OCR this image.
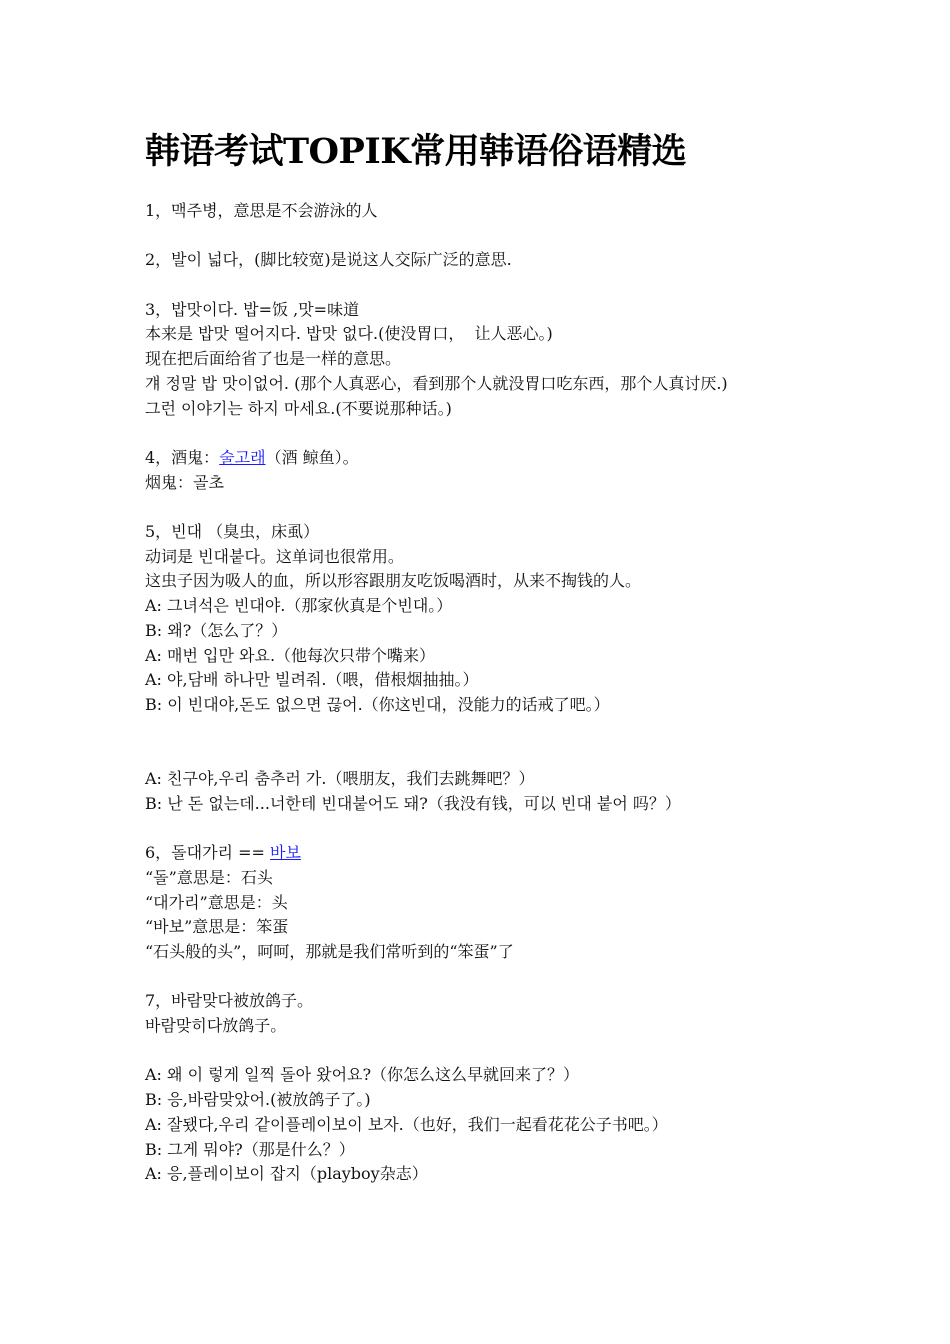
韩语考试TOPIK常用韩语俗语精选
1，맥주병，意思是不会游泳的人
2，발이 넓다，(脚比较宽)是说这人交际广泛的意思.
3，밥맛이다. 밥=饭 ,맛=味道
本来是 밥맛 떨어지다. 밥맛 없다.(使没胃口，  让人恶心。)
现在把后面给省了也是一样的意思。
걔 정말 밥 맛이없어. (那个人真恶心，看到那个人就没胃口吃东西，那个人真讨厌.)
그런 이야기는 하지 마세요.(不要说那种话。)
4，酒鬼：술고래（酒 鲸鱼）。
烟鬼：골초
5，빈대 （臭虫，床虱）
动词是 빈대붙다。这单词也很常用。
这虫子因为吸人的血，所以形容跟朋友吃饭喝酒时，从来不掏钱的人。
A: 그녀석은 빈대야.（那家伙真是个빈대。）
B: 왜?（怎么了？）
A: 매번 입만 와요.（他每次只带个嘴来）
A: 야,담배 하나만 빌려줘.（喂，借根烟抽抽。）
B: 이 빈대야,돈도 없으면 끊어.（你这빈대，没能力的话戒了吧。）
A: 친구야,우리 춤추러 가.（喂朋友，我们去跳舞吧？）
B: 난 돈 없는데...너한테 빈대붙어도 돼?（我没有钱，可以 빈대 붙어 吗？）
6，돌대가리 == 바보
“돌”意思是：石头
“대가리”意思是：头
“바보”意思是：笨蛋
“石头般的头”，呵呵，那就是我们常听到的“笨蛋”了
7，바람맞다被放鸽子。
바람맞히다放鸽子。
A: 왜 이 렇게 일찍 돌아 왔어요?（你怎么这么早就回来了？）
B: 응,바람맞았어.(被放鸽子了。)
A: 잘됐다,우리 같이플레이보이 보자.（也好，我们一起看花花公子书吧。）
B: 그게 뭐야?（那是什么？）
A: 응,플레이보이 잡지（playboy杂志）
